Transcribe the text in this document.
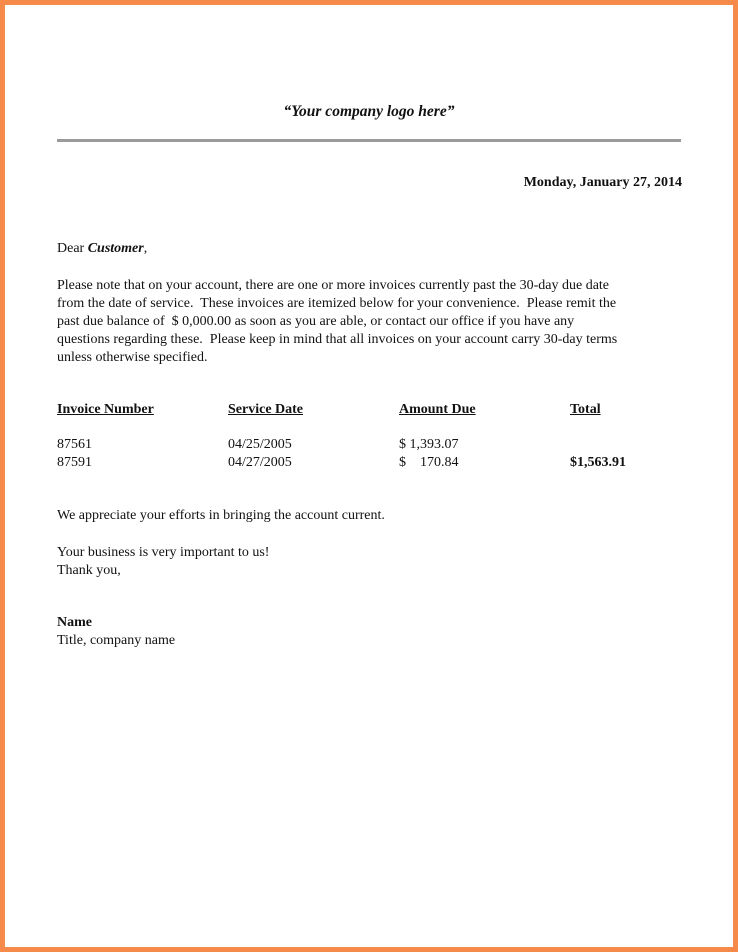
“Your company logo here”
Monday, January 27, 2014
Dear Customer,
Please note that on your account, there are one or more invoices currently past the 30-day due date
from the date of service.  These invoices are itemized below for your convenience.  Please remit the
past due balance of  $ 0,000.00 as soon as you are able, or contact our office if you have any
questions regarding these.  Please keep in mind that all invoices on your account carry 30-day terms
unless otherwise specified.
Invoice Number	Service Date	Amount Due	Total
87561	04/25/2005	$ 1,393.07
87591	04/27/2005	$    170.84	$1,563.91
We appreciate your efforts in bringing the account current.
Your business is very important to us!
Thank you,
Name
Title, company name
